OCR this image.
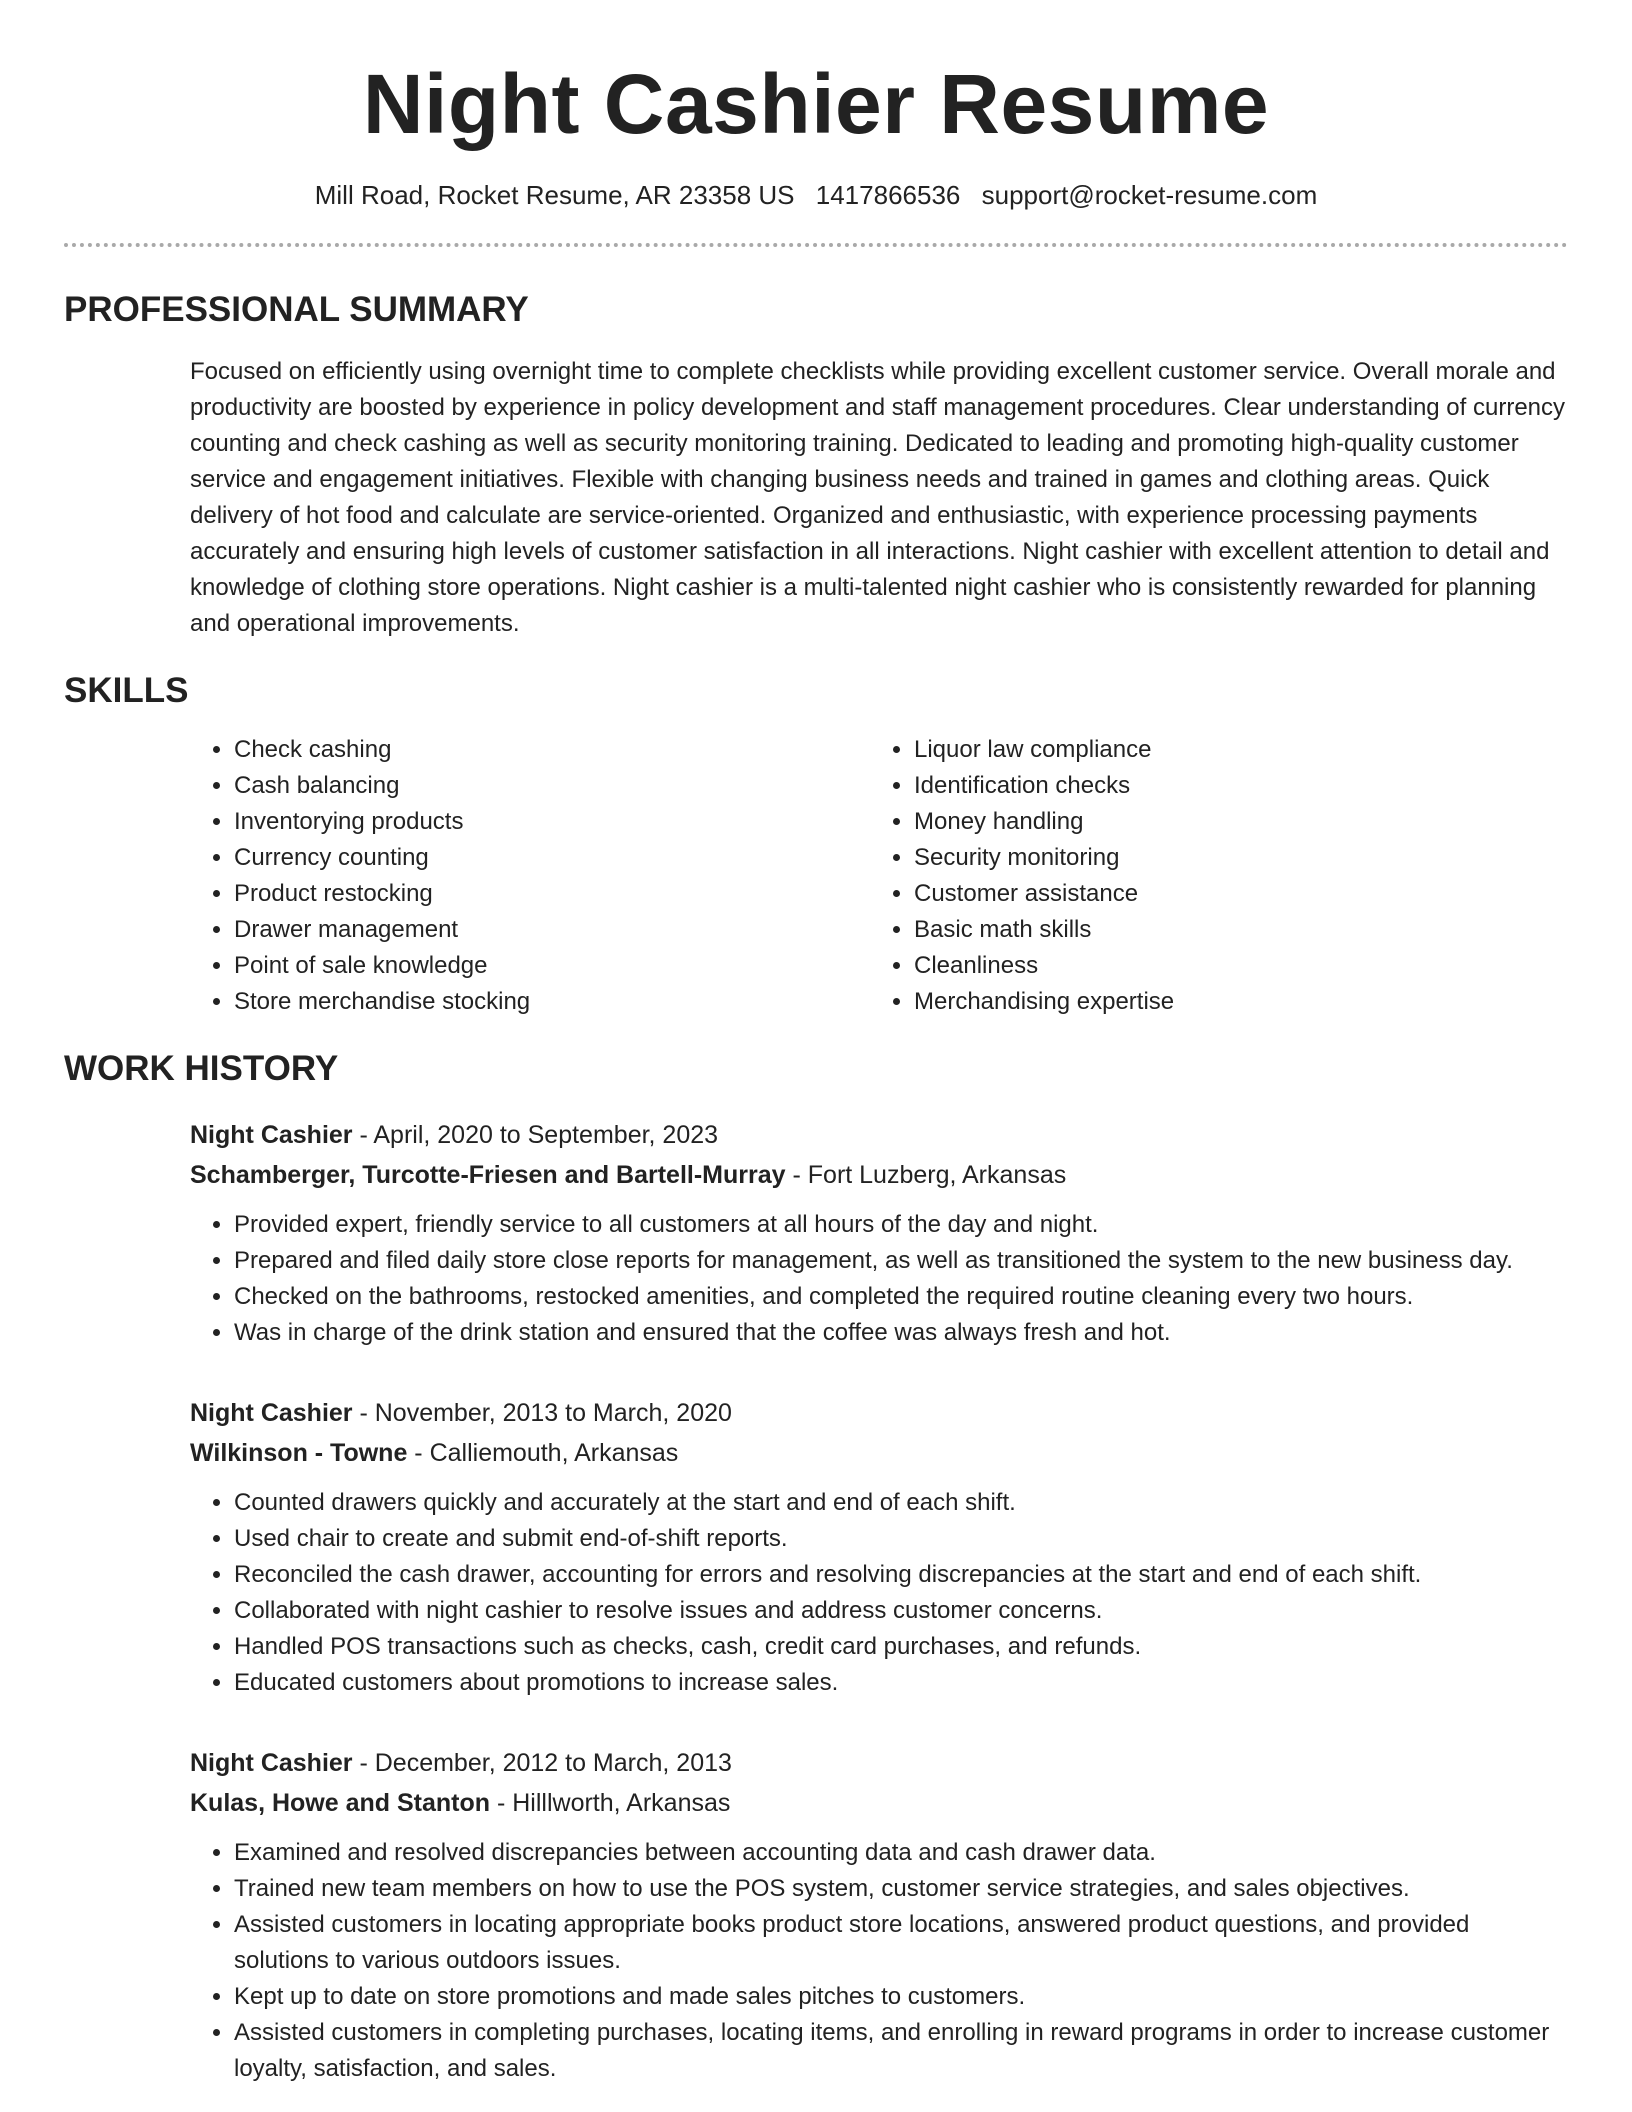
Night Cashier Resume
Mill Road, Rocket Resume, AR 23358 US 1417866536 support@rocket-resume.com
PROFESSIONAL SUMMARY

Focused on efficiently using overnight time to complete checklists while providing excellent customer service. Overall morale and productivity are boosted by experience in policy development and staff management procedures. Clear understanding of currency counting and check cashing as well as security monitoring training. Dedicated to leading and promoting high-quality customer service and engagement initiatives. Flexible with changing business needs and trained in games and clothing areas. Quick delivery of hot food and calculate are service-oriented. Organized and enthusiastic, with experience processing payments accurately and ensuring high levels of customer satisfaction in all interactions. Night cashier with excellent attention to detail and knowledge of clothing store operations. Night cashier is a multi-talented night cashier who is consistently rewarded for planning and operational improvements.

SKILLS
• Check cashing
• Cash balancing
• Inventorying products
• Currency counting
• Product restocking
• Drawer management
• Point of sale knowledge
• Store merchandise stocking
• Liquor law compliance
• Identification checks
• Money handling
• Security monitoring
• Customer assistance
• Basic math skills
• Cleanliness
• Merchandising expertise
WORK HISTORY
Night Cashier - April, 2020 to September, 2023
Schamberger, Turcotte-Friesen and Bartell-Murray - Fort Luzberg, Arkansas
• Provided expert, friendly service to all customers at all hours of the day and night.
• Prepared and filed daily store close reports for management, as well as transitioned the system to the new business day.
• Checked on the bathrooms, restocked amenities, and completed the required routine cleaning every two hours.
• Was in charge of the drink station and ensured that the coffee was always fresh and hot.
Night Cashier - November, 2013 to March, 2020
Wilkinson - Towne - Calliemouth, Arkansas
• Counted drawers quickly and accurately at the start and end of each shift.
• Used chair to create and submit end-of-shift reports.
• Reconciled the cash drawer, accounting for errors and resolving discrepancies at the start and end of each shift.
• Collaborated with night cashier to resolve issues and address customer concerns.
• Handled POS transactions such as checks, cash, credit card purchases, and refunds.
• Educated customers about promotions to increase sales.
Night Cashier - December, 2012 to March, 2013
Kulas, Howe and Stanton - Hilllworth, Arkansas
• Examined and resolved discrepancies between accounting data and cash drawer data.
• Trained new team members on how to use the POS system, customer service strategies, and sales objectives.
• Assisted customers in locating appropriate books product store locations, answered product questions, and provided solutions to various outdoors issues.
• Kept up to date on store promotions and made sales pitches to customers.
• Assisted customers in completing purchases, locating items, and enrolling in reward programs in order to increase customer loyalty, satisfaction, and sales.
